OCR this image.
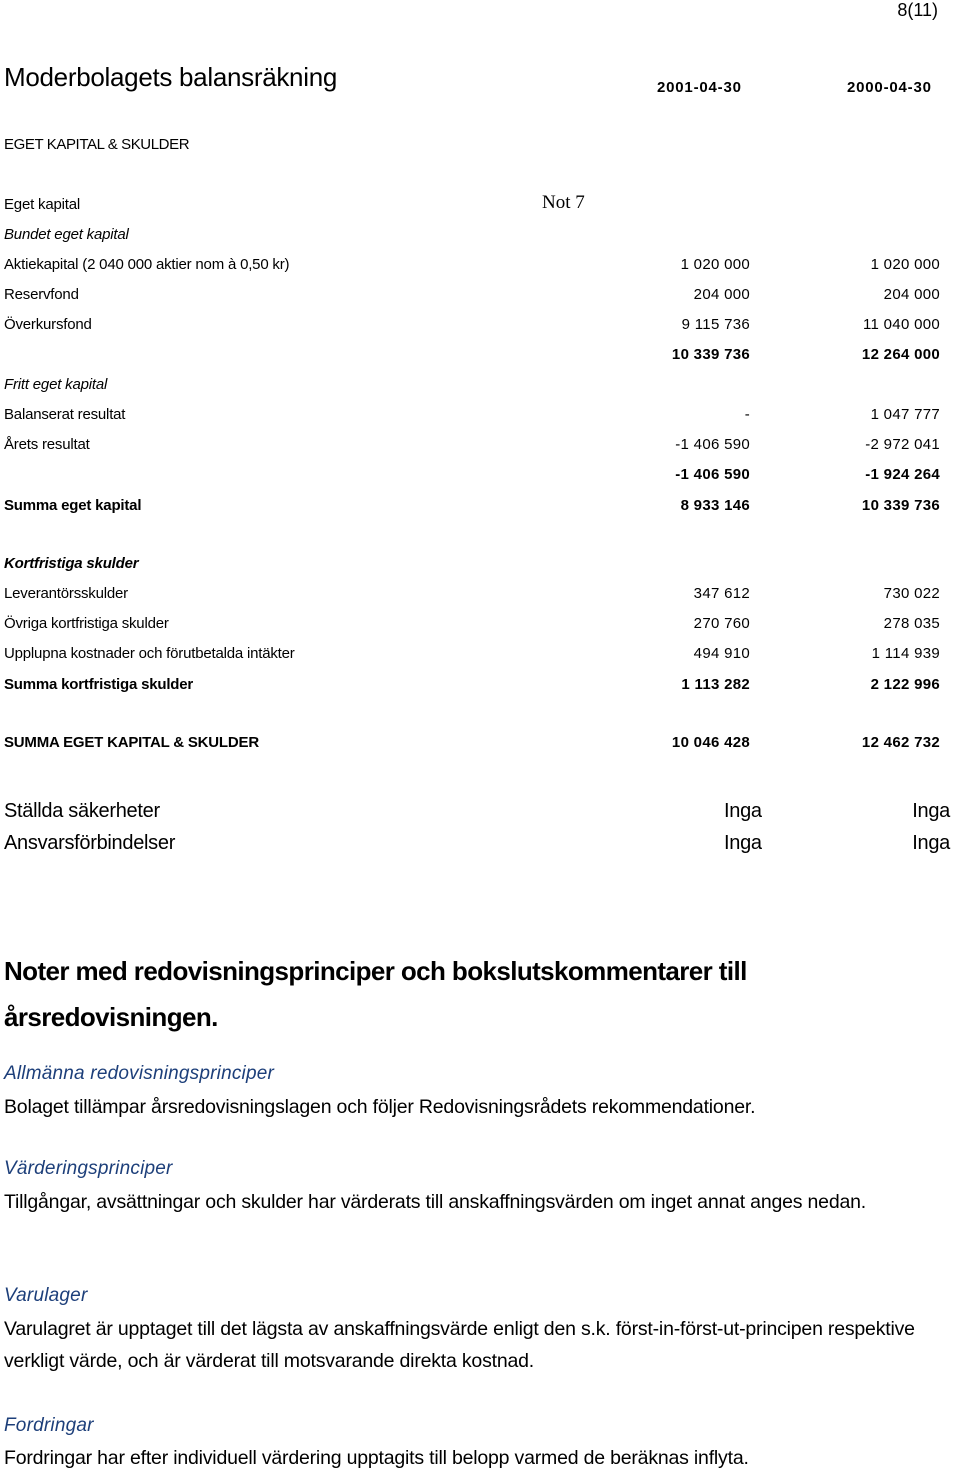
8(11)
Moderbolagets balansräkning	2001-04-30	2000-04-30
EGET KAPITAL & SKULDER
Eget kapital	Not 7
Bundet eget kapital
Aktiekapital (2 040 000 aktier nom à 0,50 kr)	1 020 000	1 020 000
Reservfond	204 000	204 000
Överkursfond	9 115 736	11 040 000
10 339 736	12 264 000
Fritt eget kapital
Balanserat resultat	-	1 047 777
Årets resultat	-1 406 590	-2 972 041
-1 406 590	-1 924 264
Summa eget kapital	8 933 146	10 339 736
Kortfristiga skulder
Leverantörsskulder	347 612	730 022
Övriga kortfristiga skulder	270 760	278 035
Upplupna kostnader och förutbetalda intäkter	494 910	1 114 939
Summa kortfristiga skulder	1 113 282	2 122 996
SUMMA EGET KAPITAL & SKULDER	10 046 428	12 462 732
Ställda säkerheter	Inga	Inga
Ansvarsförbindelser	Inga	Inga
Noter med redovisningsprinciper och bokslutskommentarer till årsredovisningen.
Allmänna redovisningsprinciper
Bolaget tillämpar årsredovisningslagen och följer Redovisningsrådets rekommendationer.
Värderingsprinciper
Tillgångar, avsättningar och skulder har värderats till anskaffningsvärden om inget annat anges nedan.
Varulager
Varulagret är upptaget till det lägsta av anskaffningsvärde enligt den s.k. först-in-först-ut-principen respektive verkligt värde, och är värderat till motsvarande direkta kostnad.
Fordringar
Fordringar har efter individuell värdering upptagits till belopp varmed de beräknas inflyta.
